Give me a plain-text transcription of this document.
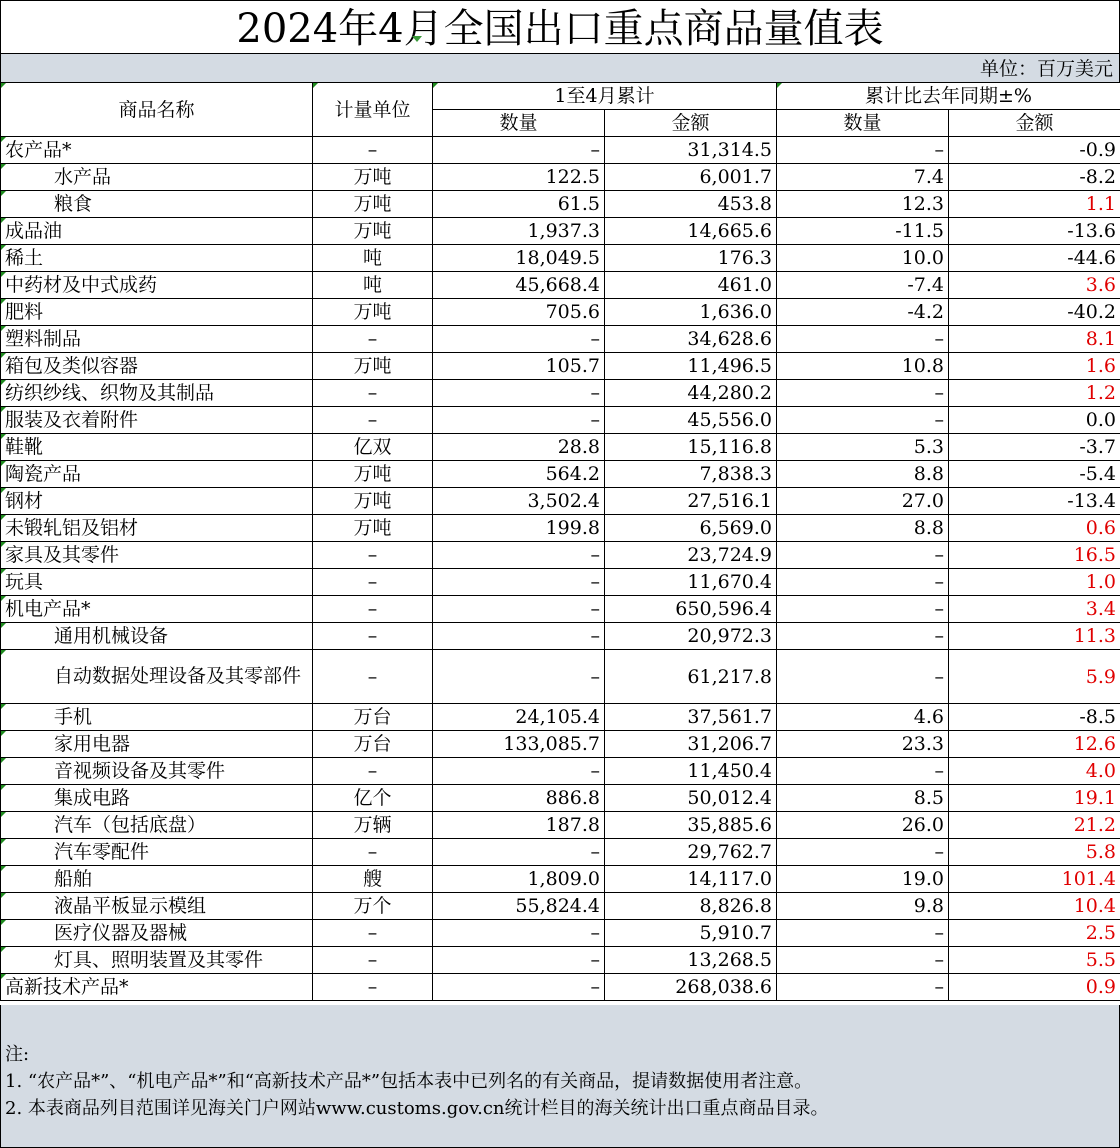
2024年4月全国出口重点商品量值表
单位：百万美元
商品名称	计量单位	1至4月累计		累计比去年同期±%	
		数量	金额	数量	金额
农产品*	–	–	31,314.5	–	-0.9
水产品	万吨	122.5	6,001.7	7.4	-8.2
粮食	万吨	61.5	453.8	12.3	1.1
成品油	万吨	1,937.3	14,665.6	-11.5	-13.6
稀土	吨	18,049.5	176.3	10.0	-44.6
中药材及中式成药	吨	45,668.4	461.0	-7.4	3.6
肥料	万吨	705.6	1,636.0	-4.2	-40.2
塑料制品	–	–	34,628.6	–	8.1
箱包及类似容器	万吨	105.7	11,496.5	10.8	1.6
纺织纱线、织物及其制品	–	–	44,280.2	–	1.2
服装及衣着附件	–	–	45,556.0	–	0.0
鞋靴	亿双	28.8	15,116.8	5.3	-3.7
陶瓷产品	万吨	564.2	7,838.3	8.8	-5.4
钢材	万吨	3,502.4	27,516.1	27.0	-13.4
未锻轧铝及铝材	万吨	199.8	6,569.0	8.8	0.6
家具及其零件	–	–	23,724.9	–	16.5
玩具	–	–	11,670.4	–	1.0
机电产品*	–	–	650,596.4	–	3.4
通用机械设备	–	–	20,972.3	–	11.3
自动数据处理设备及其零部件	–	–	61,217.8	–	5.9
手机	万台	24,105.4	37,561.7	4.6	-8.5
家用电器	万台	133,085.7	31,206.7	23.3	12.6
音视频设备及其零件	–	–	11,450.4	–	4.0
集成电路	亿个	886.8	50,012.4	8.5	19.1
汽车（包括底盘）	万辆	187.8	35,885.6	26.0	21.2
汽车零配件	–	–	29,762.7	–	5.8
船舶	艘	1,809.0	14,117.0	19.0	101.4
液晶平板显示模组	万个	55,824.4	8,826.8	9.8	10.4
医疗仪器及器械	–	–	5,910.7	–	2.5
灯具、照明装置及其零件	–	–	13,268.5	–	5.5
高新技术产品*	–	–	268,038.6	–	0.9
注:
1. “农产品*”、“机电产品*”和“高新技术产品*”包括本表中已列名的有关商品，提请数据使用者注意。
2. 本表商品列目范围详见海关门户网站www.customs.gov.cn统计栏目的海关统计出口重点商品目录。
